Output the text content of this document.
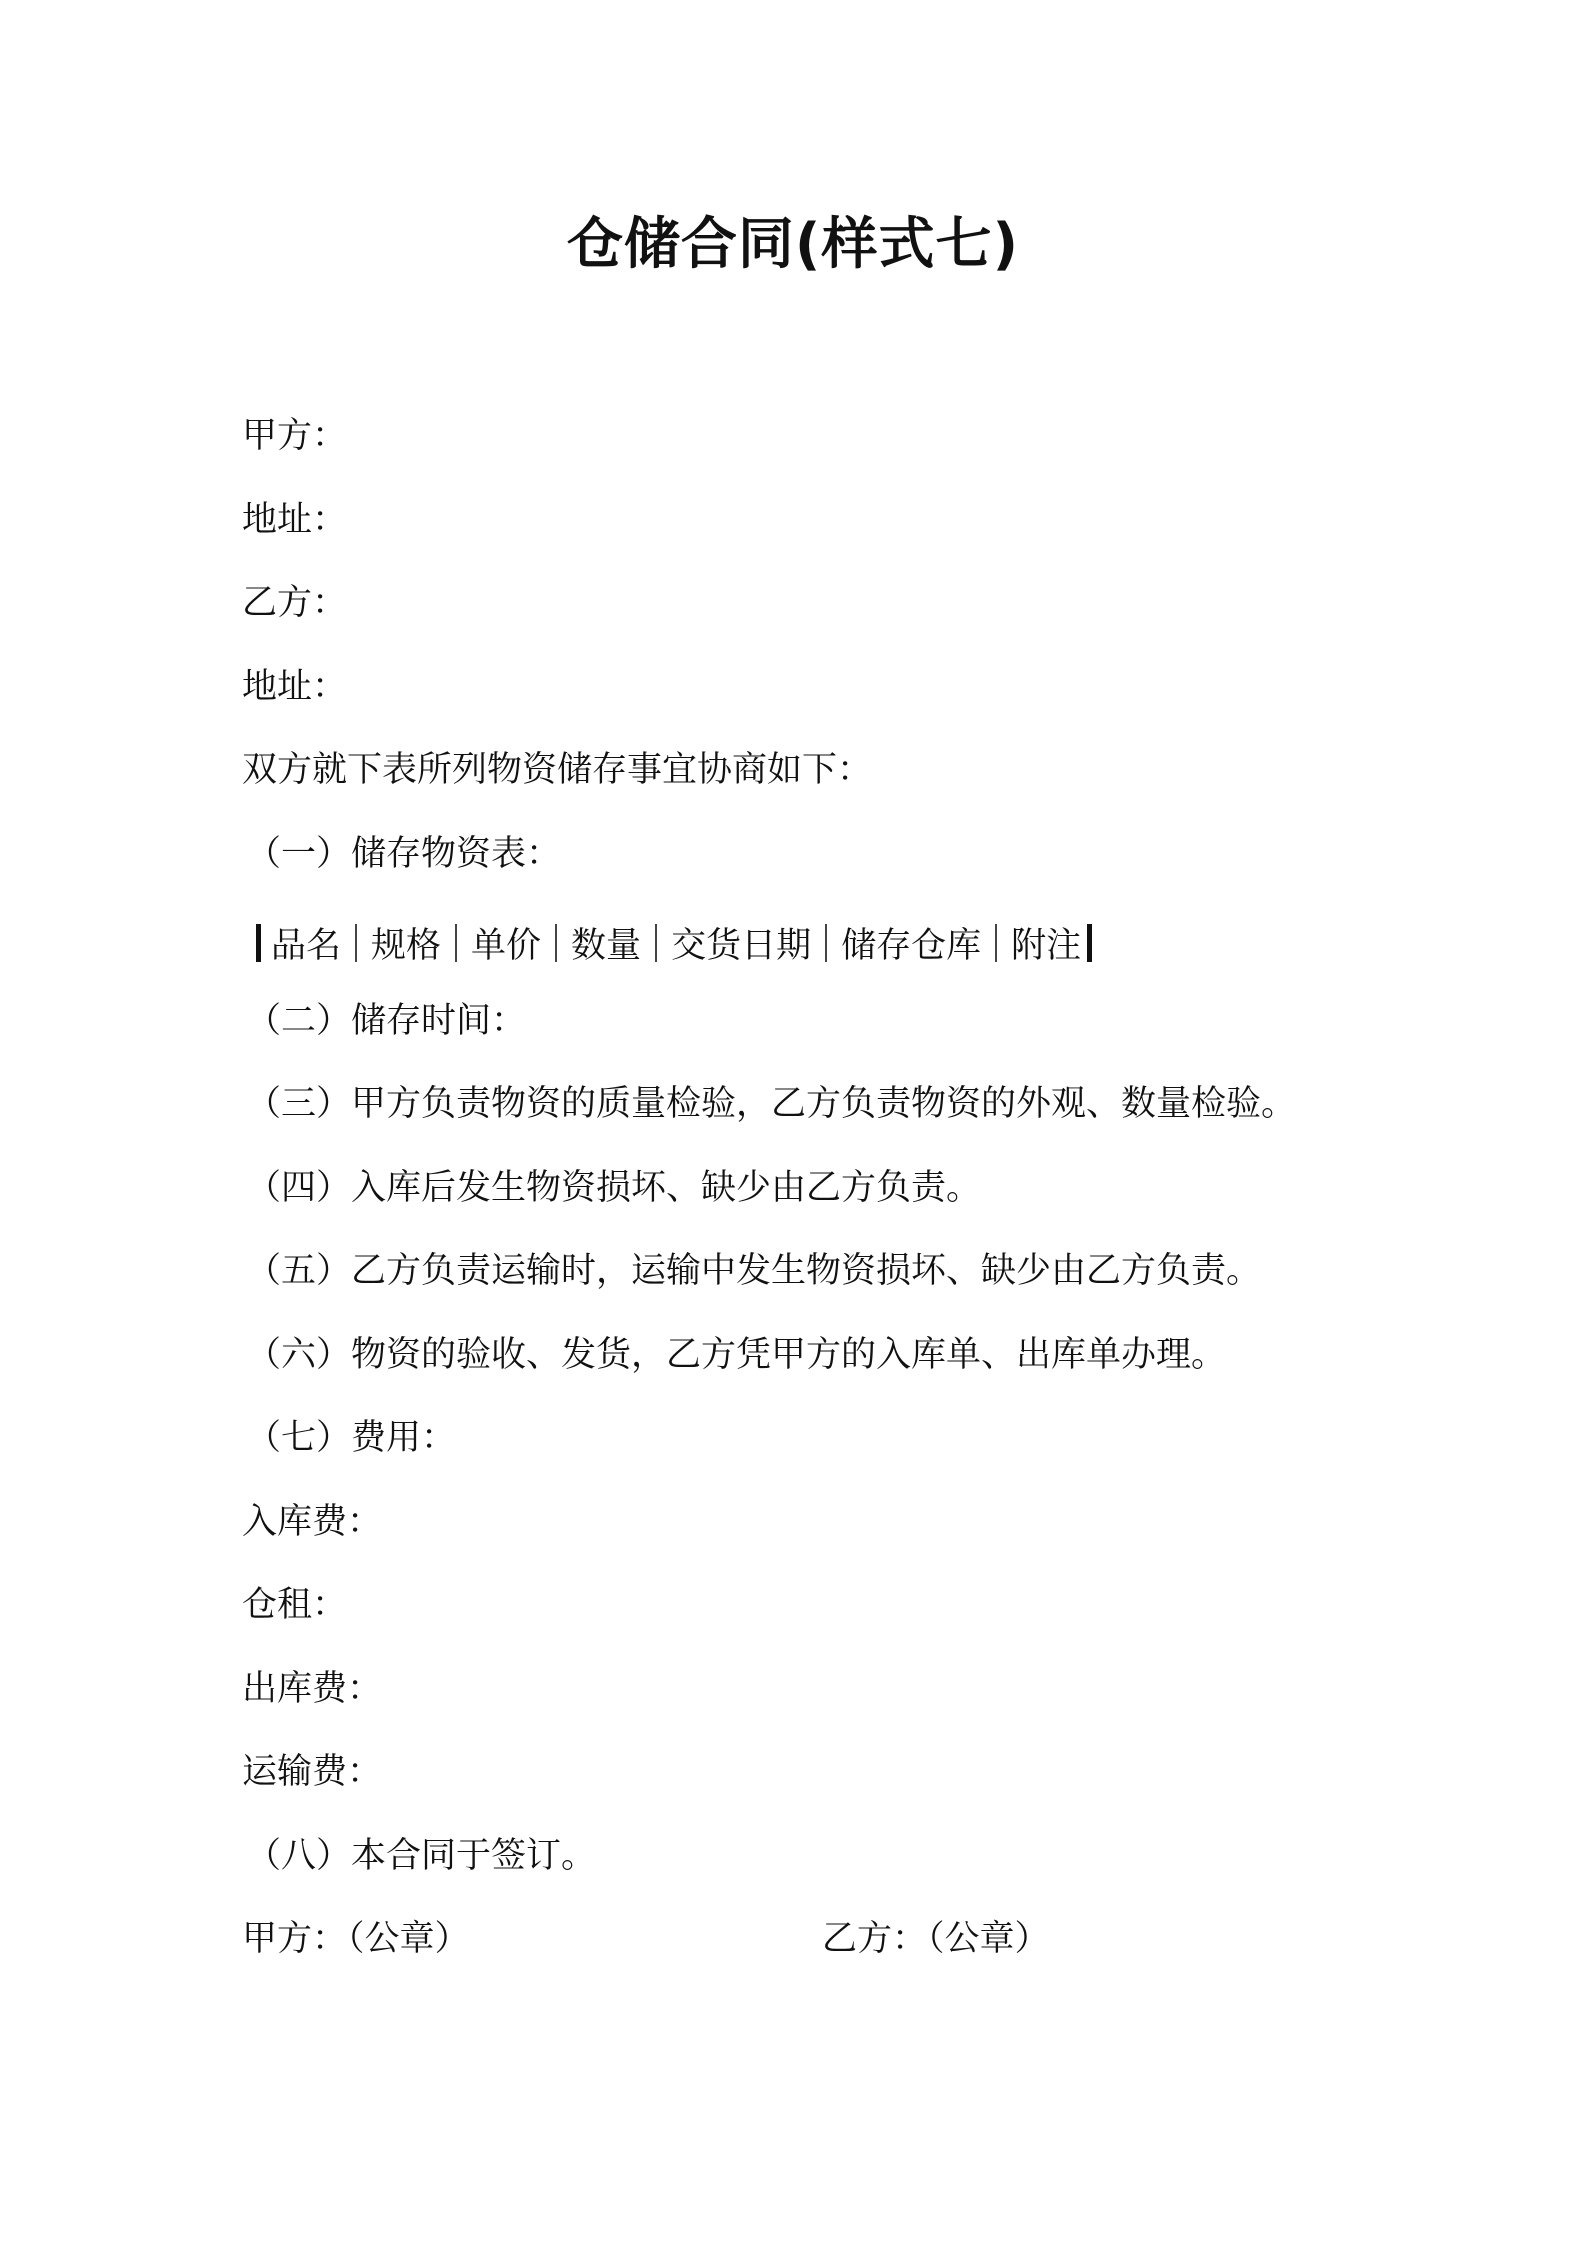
仓储合同(样式七)
甲方：
地址：
乙方：
地址：
双方就下表所列物资储存事宜协商如下：
（一）储存物资表：
品名 规格 单价 数量 交货日期 储存仓库 附注
（二）储存时间：
（三）甲方负责物资的质量检验，乙方负责物资的外观、数量检验。
（四）入库后发生物资损坏、缺少由乙方负责。
（五）乙方负责运输时，运输中发生物资损坏、缺少由乙方负责。
（六）物资的验收、发货，乙方凭甲方的入库单、出库单办理。
（七）费用：
入库费：
仓租：
出库费：
运输费：
（八）本合同于签订。
甲方：（公章）	乙方：（公章）
